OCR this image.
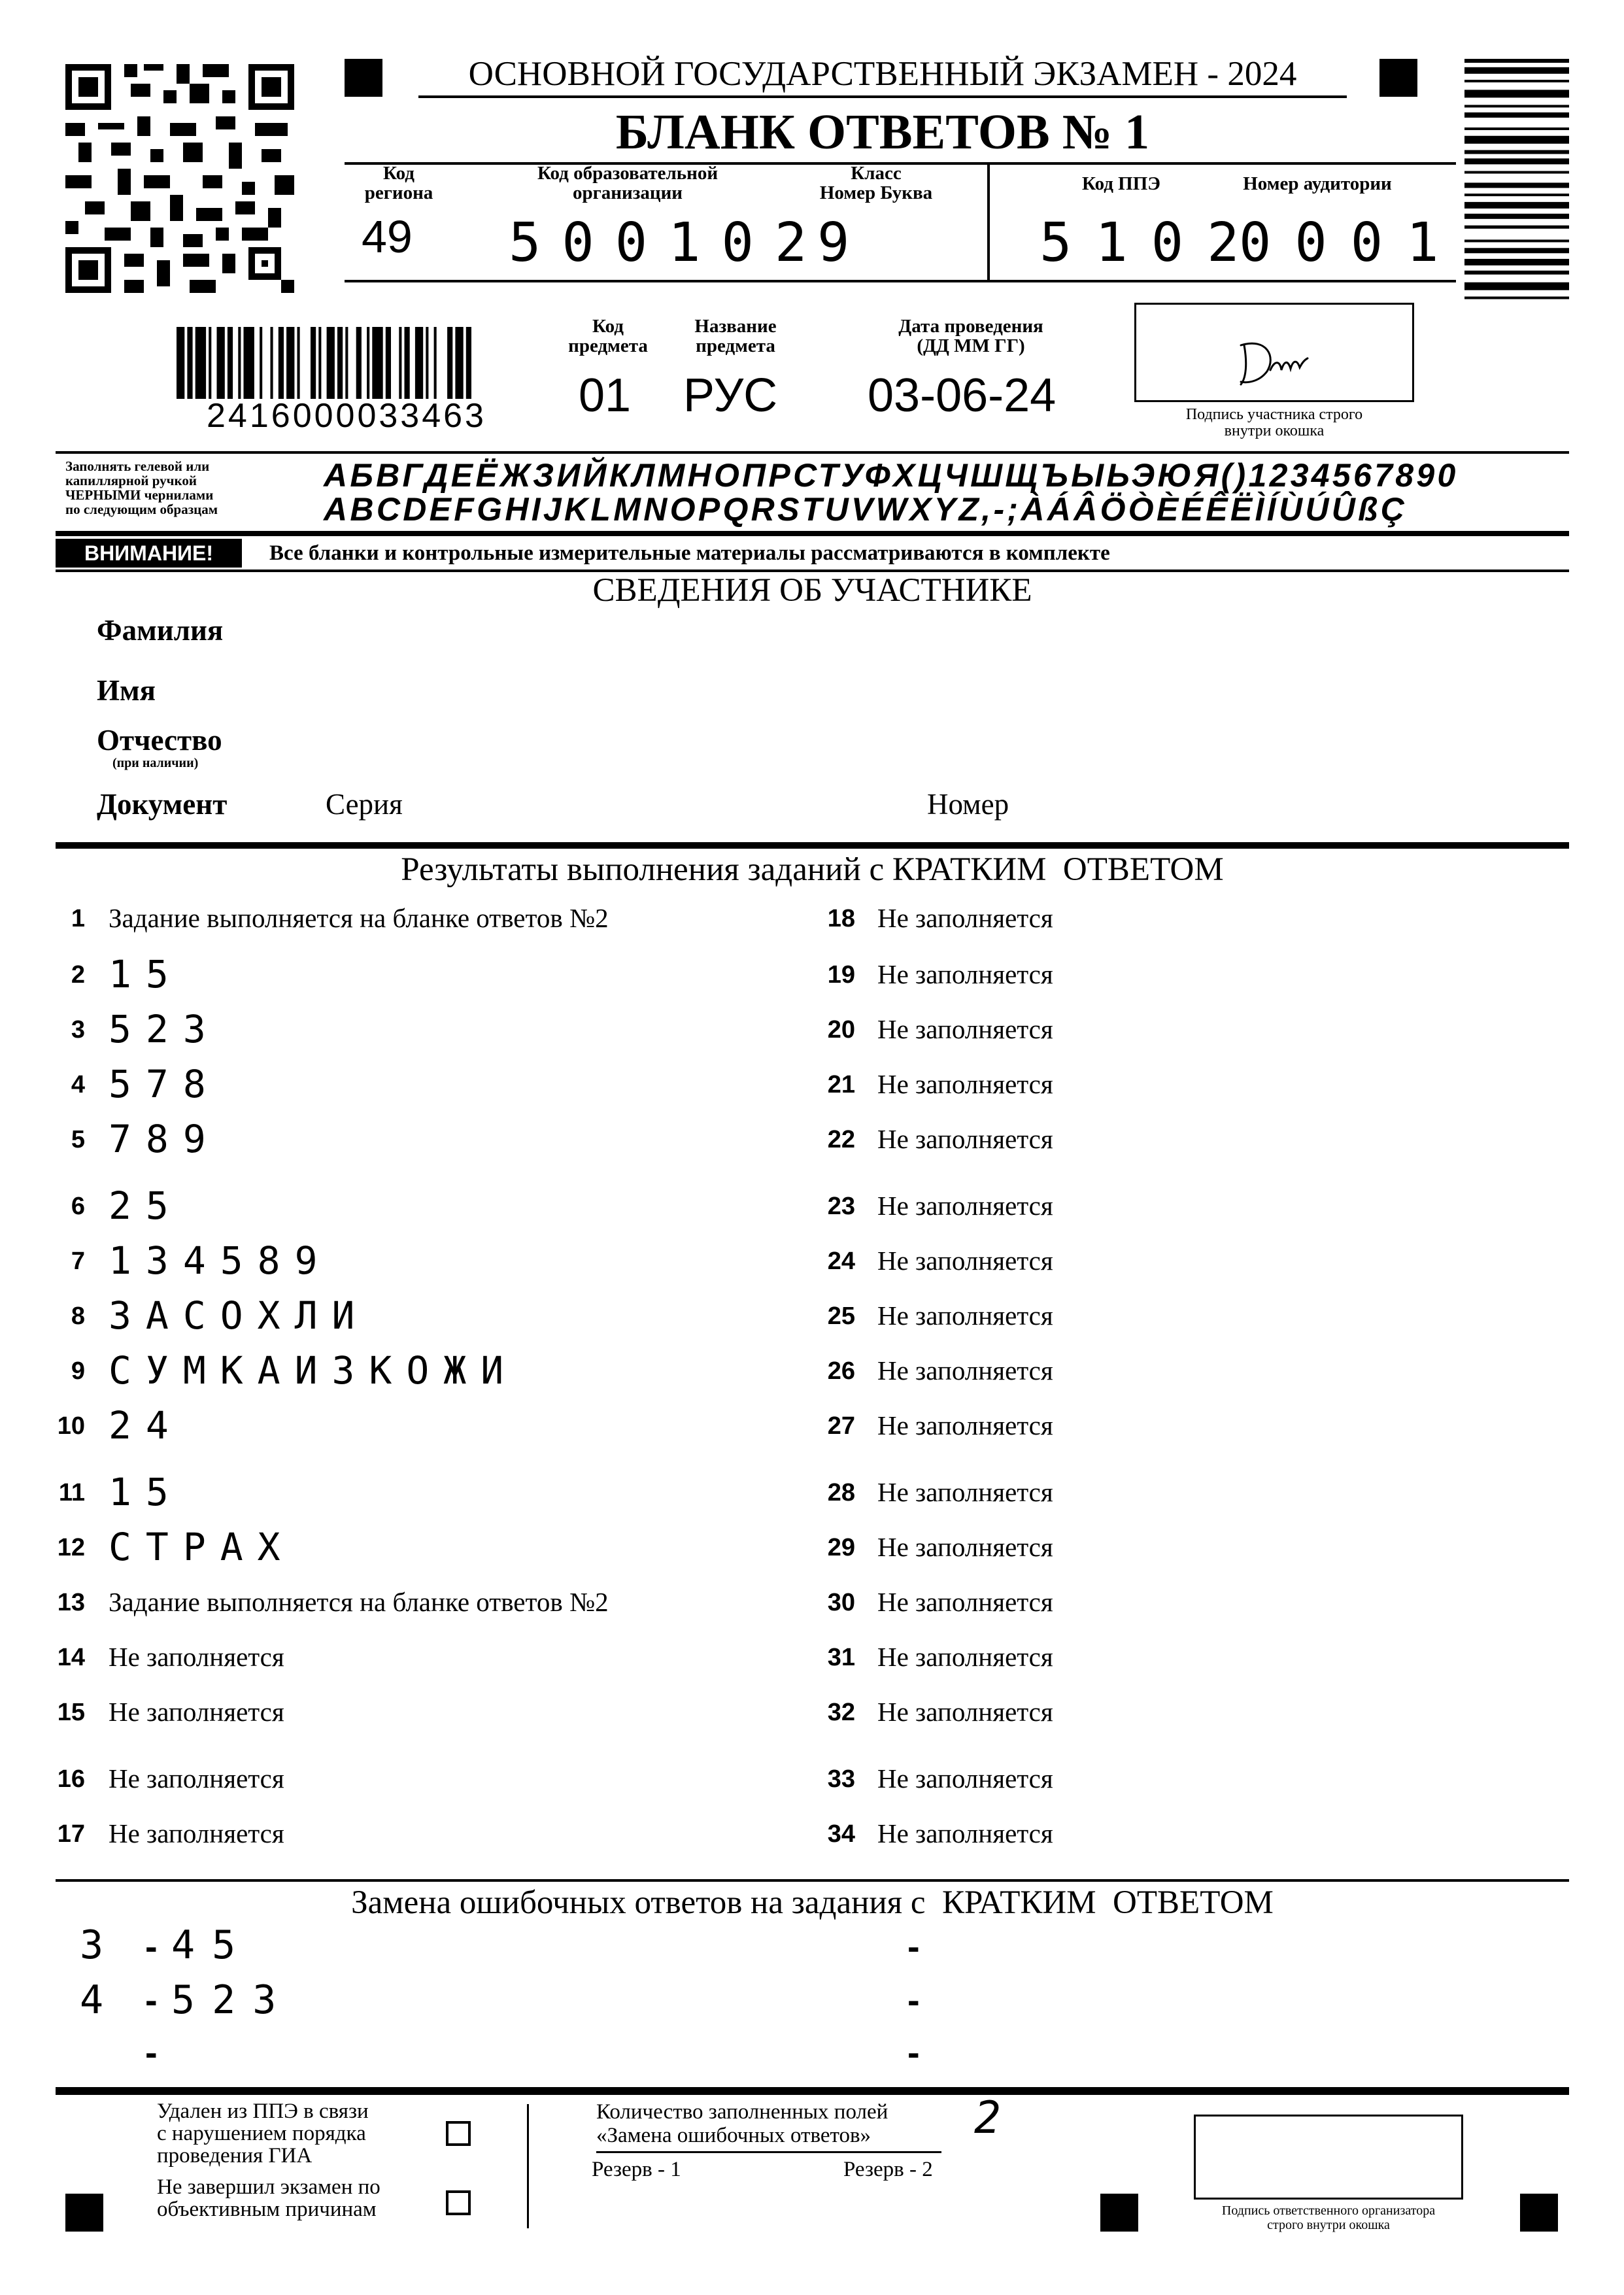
ОСНОВНОЙ ГОСУДАРСТВЕННЫЙ ЭКЗАМЕН - 2024
БЛАНК ОТВЕТОВ № 1
Код
региона
49
Код образовательной
организации
500102
Класс
Номер Буква
9
Код ППЭ
5102
Номер аудитории
0001
2416000033463
Код
предмета
01
Название
предмета
РУС
Дата проведения
(ДД ММ ГГ)
03-06-24	Подпись участника строго
внутри окошка
Заполнять гелевой или
капиллярной ручкой
ЧЕРНЫМИ чернилами
по следующим образцам
АБВГДЕЁЖЗИЙКЛМНОПРСТУФХЦЧШЩЪЫЬЭЮЯ()1234567890
ABCDEFGHIJKLMNOPQRSTUVWXYZ,-;ÀÁÂÖÒÈÉÊËÌÍÙÚÛßÇ
ВНИМАНИЕ!	Все бланки и контрольные измерительные материалы рассматриваются в комплекте
СВЕДЕНИЯ ОБ УЧАСТНИКЕ
Фамилия
Имя
Отчество
(при наличии)
Документ	Серия	Номер
Результаты выполнения заданий с КРАТКИМ  ОТВЕТОМ
1 Задание выполняется на бланке ответов №2
2 15
3 523
4 578
5 789
6 25
7 134589
8 ЗАСОХЛИ
9 СУМКАИЗКОЖИ
10 24
11 15
12 СТРАХ
13 Задание выполняется на бланке ответов №2
14 Не заполняется
15 Не заполняется
16 Не заполняется
17 Не заполняется
18 Не заполняется
19 Не заполняется
20 Не заполняется
21 Не заполняется
22 Не заполняется
23 Не заполняется
24 Не заполняется
25 Не заполняется
26 Не заполняется
27 Не заполняется
28 Не заполняется
29 Не заполняется
30 Не заполняется
31 Не заполняется
32 Не заполняется
33 Не заполняется
34 Не заполняется
Замена ошибочных ответов на задания с  КРАТКИМ  ОТВЕТОМ
3 - 45
4 - 523
-
-
-
-
Удален из ППЭ в связи
с нарушением порядка
проведения ГИА
Не завершил экзамен по
объективным причинам
Количество заполненных полей
«Замена ошибочных ответов»	2
Резерв - 1	Резерв - 2
Подпись ответственного организатора
строго внутри окошка
